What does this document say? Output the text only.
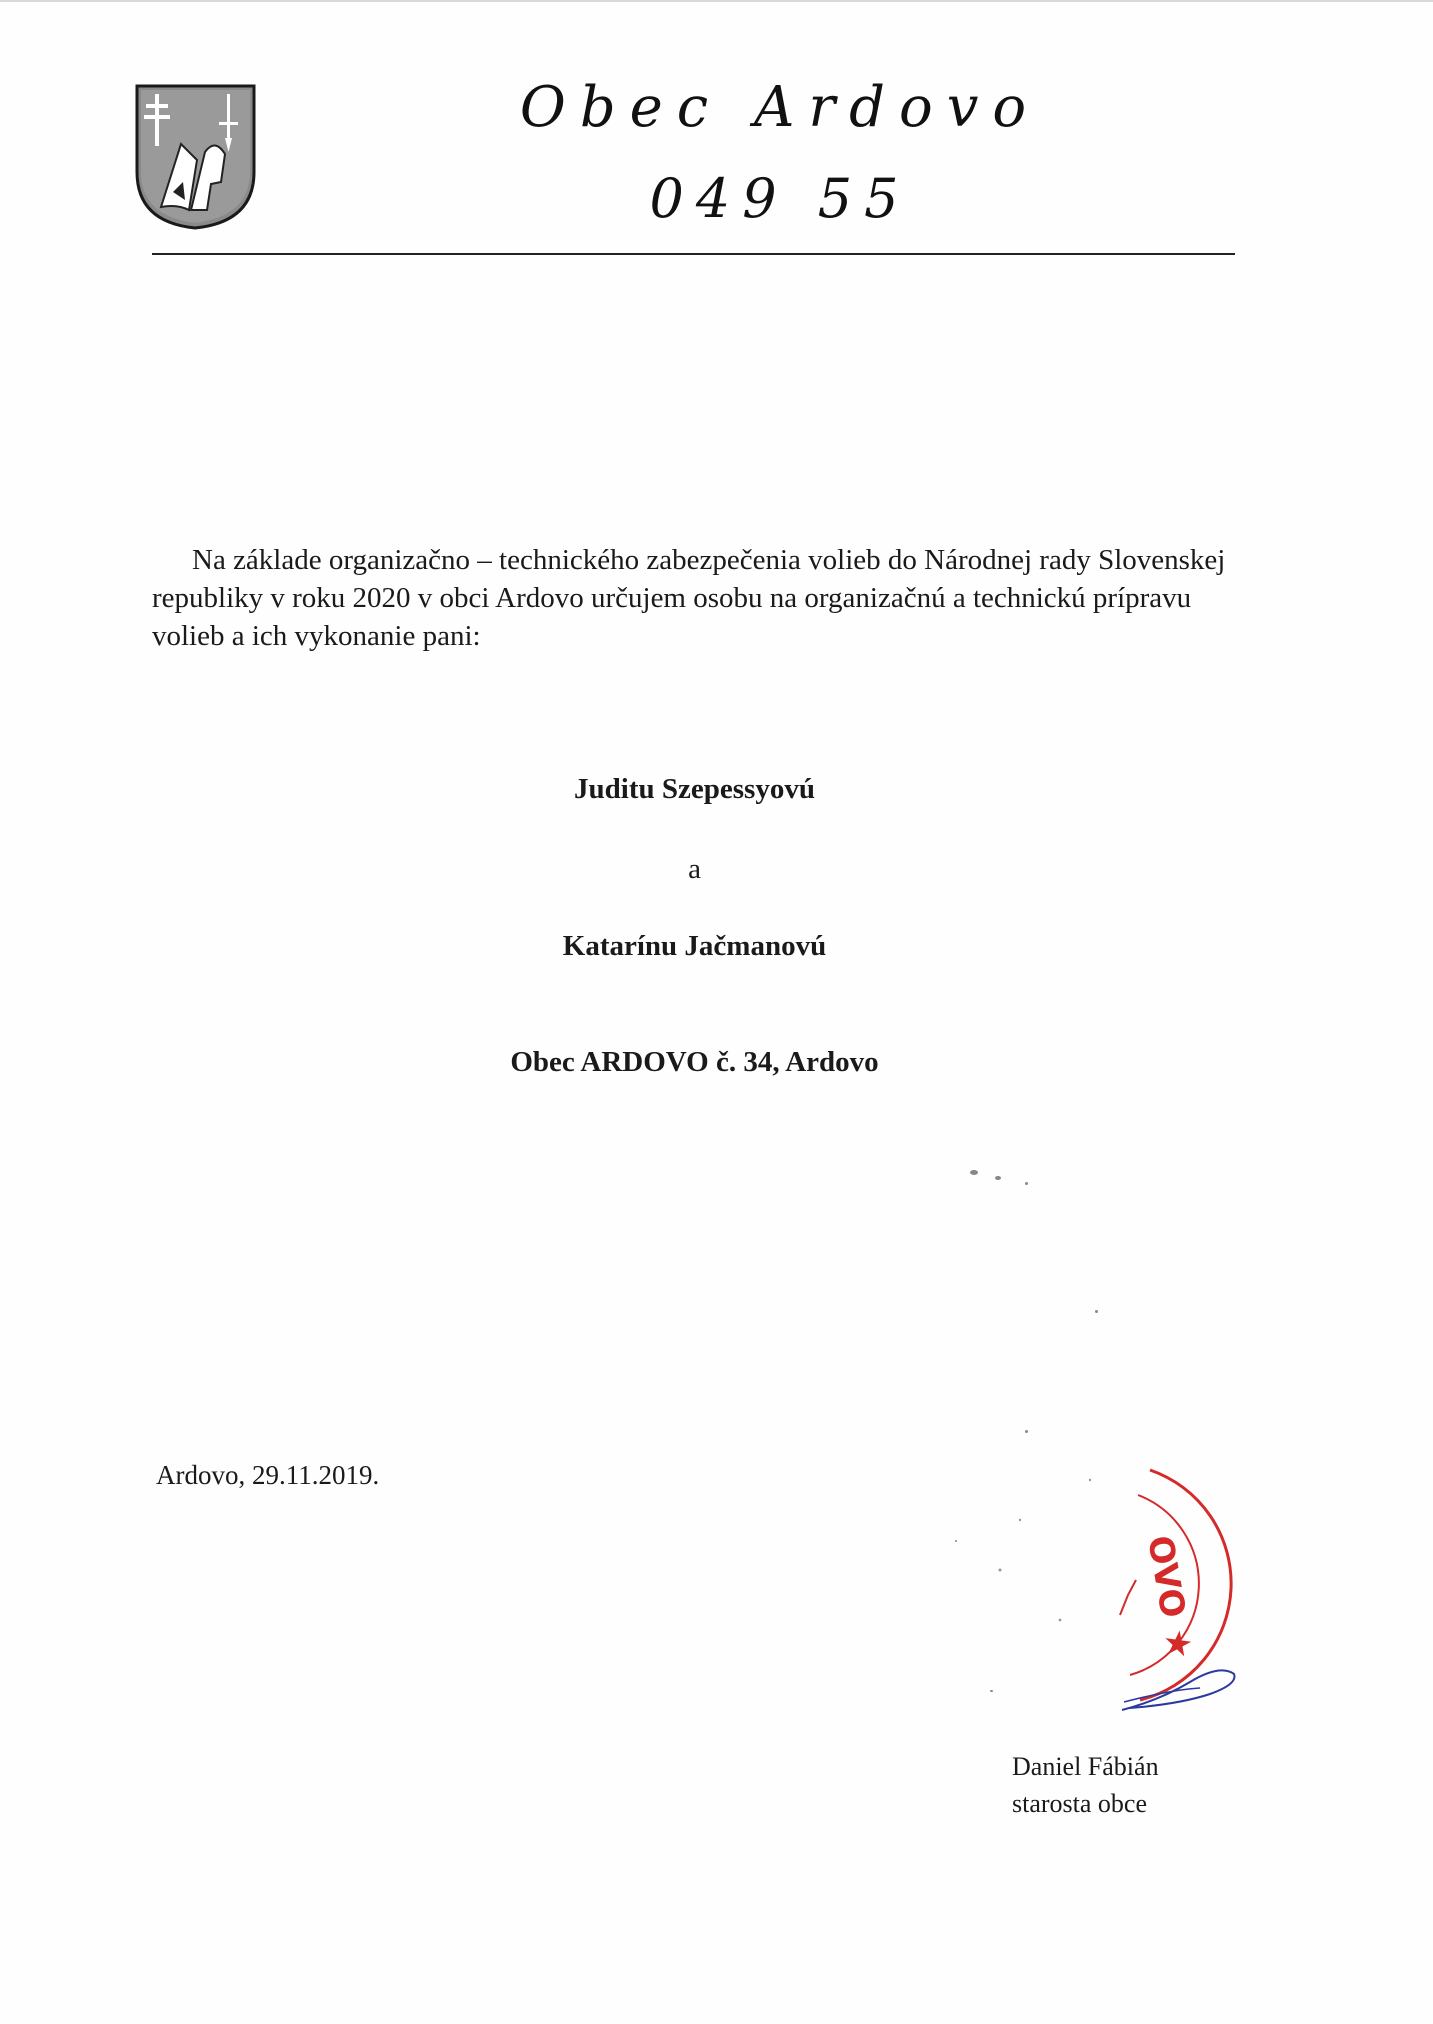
Obec Ardovo
049 55
Na základe organizačno – technického zabezpečenia volieb do Národnej rady Slovenskej republiky v roku 2020 v obci Ardovo určujem osobu na organizačnú a technickú prípravu volieb a ich vykonanie pani:
Juditu Szepessyovú
a
Katarínu Jačmanovú
Obec ARDOVO č. 34, Ardovo
Ardovo, 29.11.2019.
OVO ★
Daniel Fábián
starosta obce
